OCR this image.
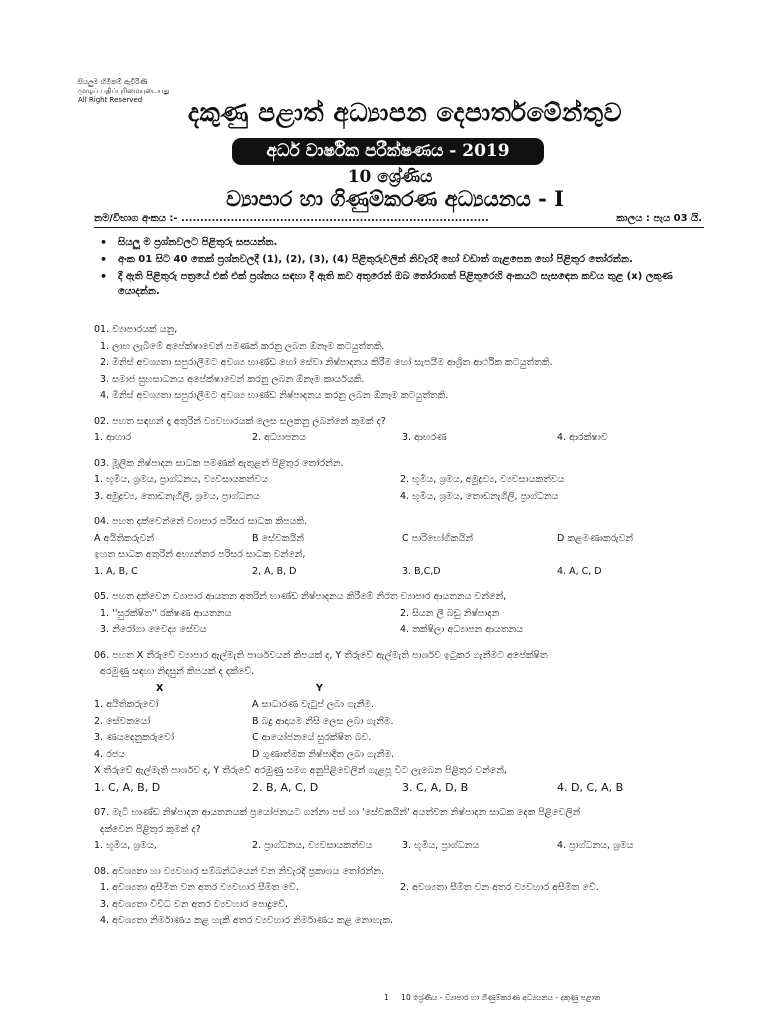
සියලුම හිමිකම් ඇවිරිණි
முழுப் பதிப்புரிமையுடையது
All Right Reserved	දකුණු පළාත් අධ්‍යාපන දෙපාර්තමේන්තුව
අර්ධ වාර්ෂික පරීක්ෂණය - 2019
10 ශ්‍රේණිය
ව්‍යාපාර හා ගිණුම්කරණ අධ්‍යයනය - I
නම/විභාග අංකය :- .................................................................................	කාලය : පැය 03 යි.
• සියලු ම ප්‍රශ්නවලට පිළිතුරු සපයන්න.
• අංක 01 සිට 40 තෙක් ප්‍රශ්නවලදී (1), (2), (3), (4) පිළිතුරුවලින් නිවැරදි හෝ වඩාත් ගැළපෙන හෝ පිළිතුර තෝරන්න.
• දී ඇති පිළිතුරු පත්‍රයේ එක් එක් ප්‍රශ්නය සඳහා දී ඇති කව අතුරෙන් ඔබ තෝරාගත් පිළිතුරෙහි අංකයට සැසඳෙන කවය තුළ (x) ලකුණ යොදන්න.
01. ව්‍යාපාරයක් යනු,
1. ලාභ ලැබීමේ අපේක්ෂාවෙන් පමණක් කරනු ලබන ඕනෑම කටයුත්තකි.
2. මිනිස් අවශ්‍යතා සපුරාලීමට අවශ්‍ය භාණ්ඩ හෝ සේවා නිෂ්පාදනය කිරීම හෝ සැපයීම ආශ්‍රිත ආර්ථික කටයුත්තකි.
3. සමාජ සුභසාධනය අපේක්ෂාවෙන් කරනු ලබන ඕනෑම කාර්යයකි.
4. මිනිස් අවශ්‍යතා සපුරාලීමට අවශ්‍ය භාණ්ඩ නිෂ්පාදනය කරනු ලබන ඕනෑම කටයුත්තකි.
02. පහත සඳහන් දෑ අතුරින් ව්‍යවහාරයක් ලෙස සලකනු ලබන්නේ කුමක් ද?
1. ආහාර	2. අධ්‍යාපනය	3. ආභරණ	4. ආරක්ෂාව
03. මූලික නිෂ්පාදන සාධක පමණක් ඇතුළත් පිළිතුර තෝරන්න.
1. භූමිය, ශ්‍රමය, ප්‍රාග්ධනය, ව්‍යවසායකත්වය	2. භූමිය, ශ්‍රමය, අමුද්‍රව්‍ය, ව්‍යවසායකත්වය
3. අමුද්‍රව්‍ය, තොඩනැගිලි, ශ්‍රමය, ප්‍රාග්ධනය	4. භූමිය, ශ්‍රමය, තොඩනැගිලි, ප්‍රාග්ධනය
04. පහත දක්වෙන්නේ ව්‍යාපාර පරිසර සාධක කිපයකි.
A අයිතිකරුවන්	B සේවකයින්	C පාරිභෝගිකයින්	D කළමණාකරුවන්
ඉහත සාධක අතුරින් අභ්‍යන්තර පරිසර සාධක වන්නේ,
1. A, B, C	2, A, B, D	3. B,C,D	4. A, C, D
05. පහත දක්වෙන ව්‍යාපාර ආයතන අතරින් භාණ්ඩ නිෂ්පාදනය කිරීමේ නිරත ව්‍යාපාර ආයතනය වන්නේ,
1. ''සුරක්ෂිත'' රක්ෂණ ආයතනය	2. සියන ලී බඩු නිෂ්පාදන
3. නිරෝගා වෛද්‍ය සේවය	4. තක්ෂිලා අධ්‍යාපන ආයතනය
06. පහත X තීරුවේ ව්‍යාපාර ඇල්මැති පාර්ශවයන් කිපයක් ද, Y තීරුවේ ඇල්මැති පාර්ශව ඉටුකර ගැනීමට අපේක්ෂිත
අරමුණු සඳහා නිදසුන් කිපයක් ද දක්වේ.
X	Y
1. අයිතිකරුවෝ	A සාධාරණ වැටුප් ලබා ගැනීම.
2. සේවකයෝ	B බදු ආදායම නිසි ලෙස ලබා ගැනීම.
3. ණයදෙනුකරුවෝ	C ආයෝජනයේ සුරක්ෂිත බව.
4. රජය	D ගුණාත්මක නිෂ්පාදිත ලබා ගැනීම.
X තීරුවේ ඇල්මැති පාර්ශව ද, Y තීරුවේ අරමුණු සමග අනුපිළිවෙලින් ගැළපූ විට ලැබෙන පිළිතුර වන්නේ,
1. C, A, B, D	2. B, A, C, D	3. C, A, D, B	4. D, C, A, B
07. මැටි භාණ්ඩ නිෂ්පාදන ආයතනයක් ප්‍රයෝජනයට ගන්නා පස් හා 'සේවකයින්' අයත්වන නිෂ්පාදන සාධක දෙක පිළිවෙලින්
දක්වෙන පිළිතුර කුමක් ද?
1. භූමිය, ශ්‍රමය,	2. ප්‍රාග්ධනය, ව්‍යවසායකත්වය	3. භූමිය, ප්‍රාග්ධනය	4. ප්‍රාග්ධනය, ශ්‍රමය
08. අවශ්‍යතා හා ව්‍යවහාර සම්බන්ධයෙන් වන නිවැරදි ප්‍රකාශය තෝරන්න.
1. අවශ්‍යතා අසීමිත වන අතර ව්‍යවහාර සීමිත වේ.	2. අවශ්‍යතා සීමිත වන අතර ව්‍යවහාර අසීමිත වේ.
3. අවශ්‍යතා විවිධ වන අතර ව්‍යවහාර පොදුවේ.
4. අවශ්‍යතා නිර්මාණය කළ හැකි අතර ව්‍යවහාර නිර්මාණය කළ නොහැක.
1 10 ශ්‍රේණිය - ව්‍යාපාර හා ගිණුම්කරණ අධ්‍යයනය - දකුණු පළාත
